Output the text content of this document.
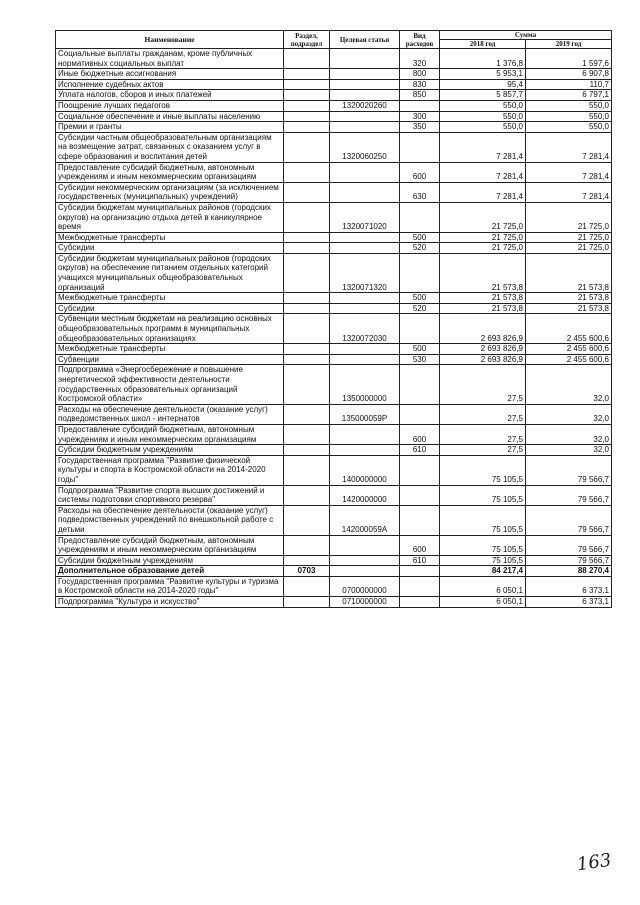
Наименование	Раздел, подраздел	Целевая статья	Вид расходов	Сумма	
				2018 год	2019 год
Социальные выплаты гражданам, кроме публичных нормативных социальных выплат			320	1 376,8	1 597,6
Иные бюджетные ассигнования			800	5 953,1	6 907,8
Исполнение судебных актов			830	95,4	110,7
Уплата налогов, сборов и иных платежей			850	5 857,7	6 797,1
Поощрение лучших педагогов		1320020260		550,0	550,0
Социальное обеспечение и иные выплаты населению			300	550,0	550,0
Премии и гранты			350	550,0	550,0
Субсидии частным общеобразовательным организациям на возмещение затрат, связанных с оказанием услуг в сфере образования и воспитания детей		1320060250		7 281,4	7 281,4
Предоставление субсидий бюджетным, автономным учреждениям и иным некоммерческим организациям			600	7 281,4	7 281,4
Субсидии некоммерческим организациям (за исключением государственных (муниципальных) учреждений)			630	7 281,4	7 281,4
Субсидии бюджетам муниципальных районов (городских округов) на организацию отдыха детей в каникулярное время		1320071020		21 725,0	21 725,0
Межбюджетные трансферты			500	21 725,0	21 725,0
Субсидии			520	21 725,0	21 725,0
Субсидии бюджетам муниципальных районов (городских округов) на обеспечение питанием отдельных категорий учащихся муниципальных общеобразовательных организаций		1320071320		21 573,8	21 573,8
Межбюджетные трансферты			500	21 573,8	21 573,8
Субсидии			520	21 573,8	21 573,8
Субвенции местным бюджетам на реализацию основных общеобразовательных программ в муниципальных общеобразовательных организациях		1320072030		2 693 826,9	2 455 600,6
Межбюджетные трансферты			500	2 693 826,9	2 455 600,6
Субвенции			530	2 693 826,9	2 455 600,6
Подпрограмма «Энергосбережение и повышение энергетической эффективности деятельности государственных образовательных организаций Костромской области»		1350000000		27,5	32,0
Расходы на обеспечение деятельности (оказание услуг) подведомственных школ - интернатов		135000059Р		27,5	32,0
Предоставление субсидий бюджетным, автономным учреждениям и иным некоммерческим организациям			600	27,5	32,0
Субсидии бюджетным учреждениям			610	27,5	32,0
Государственная программа "Развитие физической культуры и спорта в Костромской области на 2014-2020 годы"		1400000000		75 105,5	79 566,7
Подпрограмма "Развитие спорта высших достижений и системы подготовки спортивного резерва"		1420000000		75 105,5	79 566,7
Расходы на обеспечение деятельности (оказание услуг) подведомственных учреждений по внешкольной работе с детьми		142000059А		75 105,5	79 566,7
Предоставление субсидий бюджетным, автономным учреждениям и иным некоммерческим организациям			600	75 105,5	79 566,7
Субсидии бюджетным учреждениям			610	75 105,5	79 566,7
Дополнительное образование детей	0703			84 217,4	88 270,4
Государственная программа "Развитие культуры и туризма в Костромской области на 2014-2020 годы"		0700000000		6 050,1	6 373,1
Подпрограмма "Культура и искусство"		0710000000		6 050,1	6 373,1
163
